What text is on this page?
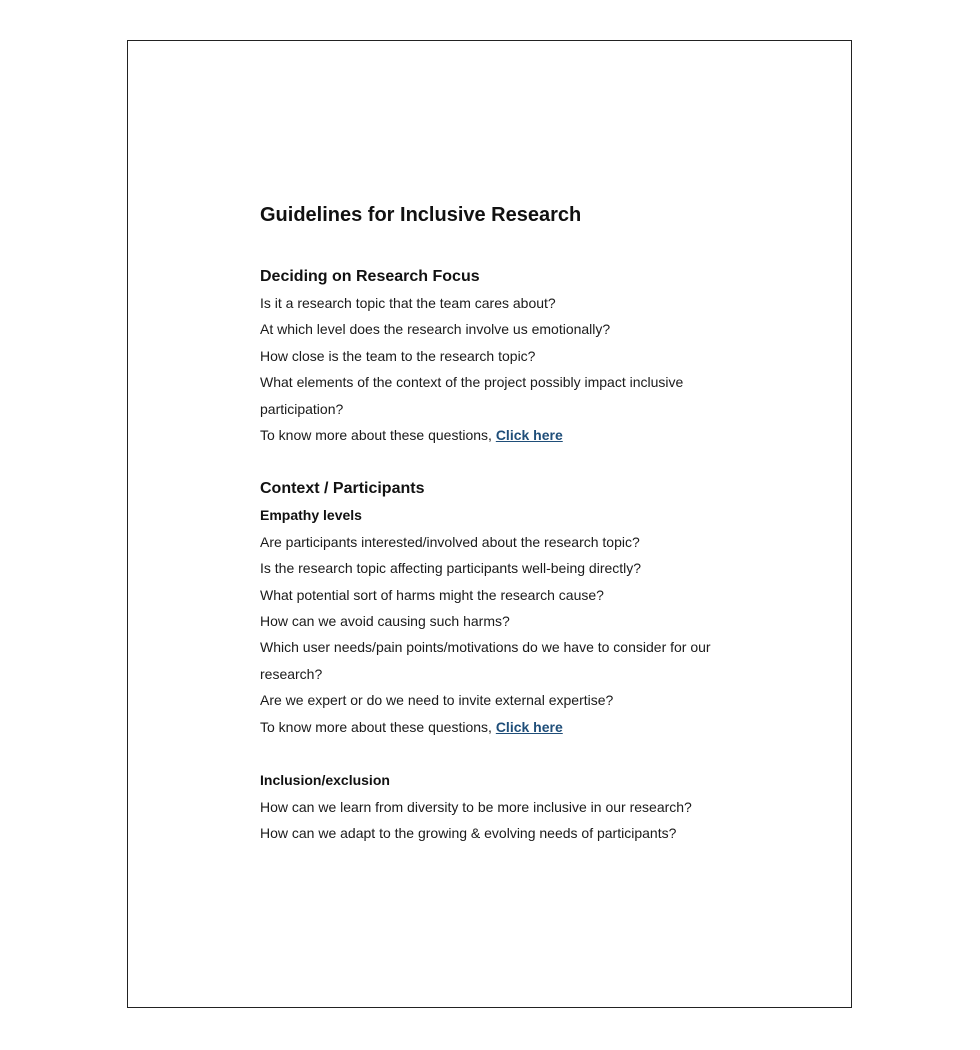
Guidelines for Inclusive Research
Deciding on Research Focus

Is it a research topic that the team cares about?

At which level does the research involve us emotionally?

How close is the team to the research topic?

What elements of the context of the project possibly impact inclusive

participation?

To know more about these questions, Click here

Context / Participants
Empathy levels

Are participants interested/involved about the research topic?

Is the research topic affecting participants well-being directly?

What potential sort of harms might the research cause?

How can we avoid causing such harms?

Which user needs/pain points/motivations do we have to consider for our

research?

Are we expert or do we need to invite external expertise?

To know more about these questions, Click here

Inclusion/exclusion

How can we learn from diversity to be more inclusive in our research?

How can we adapt to the growing & evolving needs of participants?
